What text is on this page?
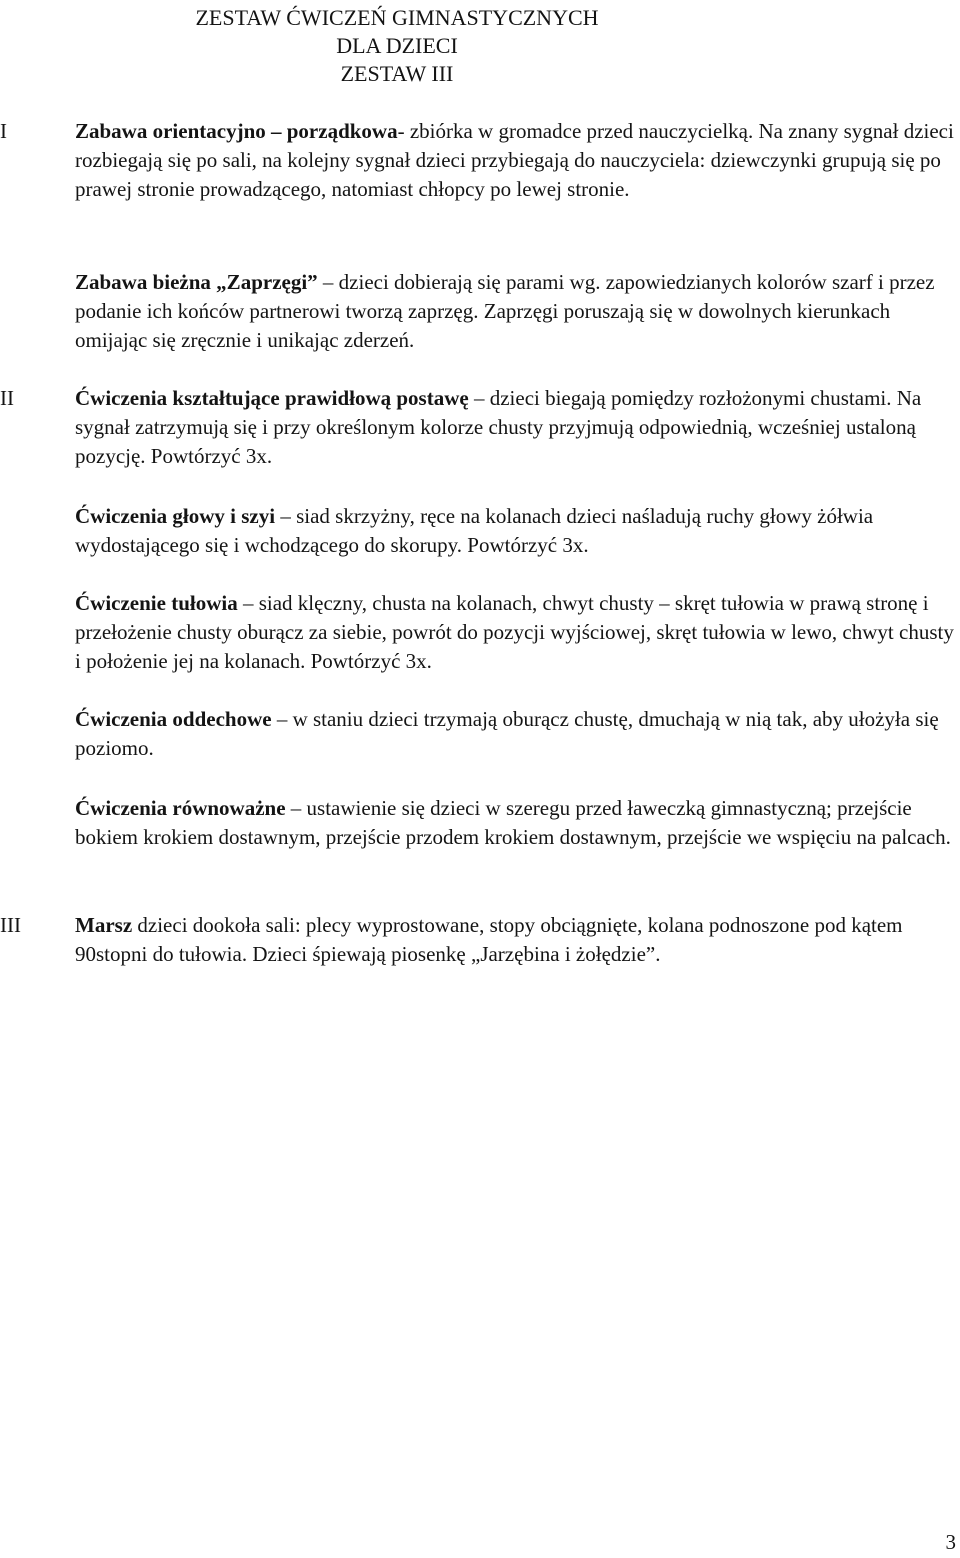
ZESTAW ĆWICZEŃ GIMNASTYCZNYCH
DLA DZIECI
ZESTAW III
I
II
III
Zabawa orientacyjno – porządkowa- zbiórka w gromadce przed nauczycielką. Na znany sygnał dzieci rozbiegają się po sali, na kolejny sygnał dzieci przybiegają do nauczyciela: dziewczynki grupują się po prawej stronie prowadzącego, natomiast chłopcy po lewej stronie.
Zabawa bieżna „Zaprzęgi” – dzieci dobierają się parami wg. zapowiedzianych kolorów szarf i przez podanie ich końców partnerowi tworzą zaprzęg. Zaprzęgi poruszają się w dowolnych kierunkach omijając się zręcznie i unikając zderzeń.
Ćwiczenia kształtujące prawidłową postawę – dzieci biegają pomiędzy rozłożonymi chustami. Na sygnał zatrzymują się i przy określonym kolorze chusty przyjmują odpowiednią, wcześniej ustaloną pozycję. Powtórzyć 3x.
Ćwiczenia głowy i szyi – siad skrzyżny, ręce na kolanach dzieci naśladują ruchy głowy żółwia wydostającego się i wchodzącego do skorupy. Powtórzyć 3x.
Ćwiczenie tułowia – siad klęczny, chusta na kolanach, chwyt chusty – skręt tułowia w prawą stronę i przełożenie chusty oburącz za siebie, powrót do pozycji wyjściowej, skręt tułowia w lewo, chwyt chusty i położenie jej na kolanach. Powtórzyć 3x.
Ćwiczenia oddechowe – w staniu dzieci trzymają oburącz chustę, dmuchają w nią tak, aby ułożyła się poziomo.
Ćwiczenia równoważne – ustawienie się dzieci w szeregu przed ławeczką gimnastyczną; przejście bokiem krokiem dostawnym, przejście przodem krokiem dostawnym, przejście we wspięciu na palcach.
Marsz dzieci dookoła sali: plecy wyprostowane, stopy obciągnięte, kolana podnoszone pod kątem 90stopni do tułowia. Dzieci śpiewają piosenkę „Jarzębina i żołędzie”.
3
